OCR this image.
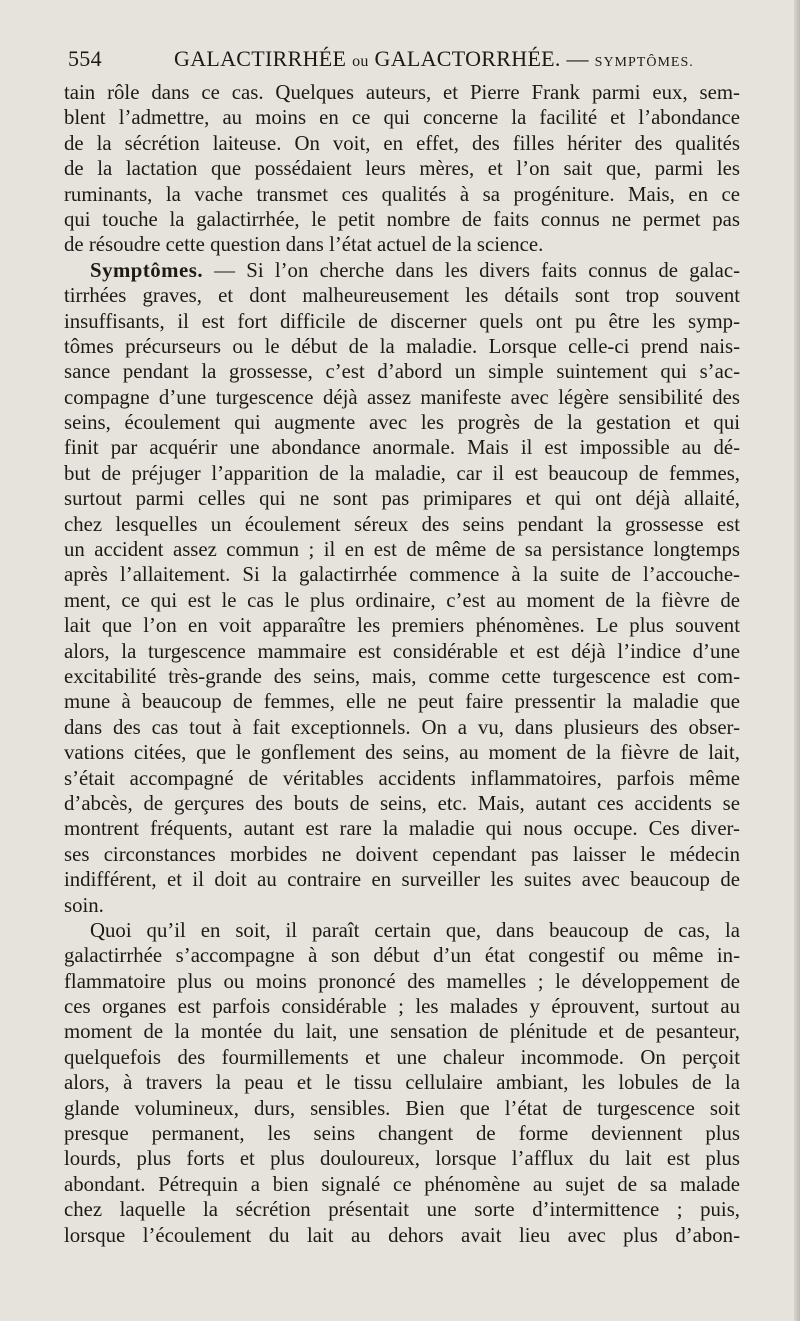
554	GALACTIRRHÉE ou GALACTORRHÉE. — SYMPTÔMES.
tain rôle dans ce cas. Quelques auteurs, et Pierre Frank parmi eux, sem-
blent l’admettre, au moins en ce qui concerne la facilité et l’abondance
de la sécrétion laiteuse. On voit, en effet, des filles hériter des qualités
de la lactation que possédaient leurs mères, et l’on sait que, parmi les
ruminants, la vache transmet ces qualités à sa progéniture. Mais, en ce
qui touche la galactirrhée, le petit nombre de faits connus ne permet pas
de résoudre cette question dans l’état actuel de la science.
Symptômes. — Si l’on cherche dans les divers faits connus de galac-
tirrhées graves, et dont malheureusement les détails sont trop souvent
insuffisants, il est fort difficile de discerner quels ont pu être les symp-
tômes précurseurs ou le début de la maladie. Lorsque celle-ci prend nais-
sance pendant la grossesse, c’est d’abord un simple suintement qui s’ac-
compagne d’une turgescence déjà assez manifeste avec légère sensibilité des
seins, écoulement qui augmente avec les progrès de la gestation et qui
finit par acquérir une abondance anormale. Mais il est impossible au dé-
but de préjuger l’apparition de la maladie, car il est beaucoup de femmes,
surtout parmi celles qui ne sont pas primipares et qui ont déjà allaité,
chez lesquelles un écoulement séreux des seins pendant la grossesse est
un accident assez commun ; il en est de même de sa persistance longtemps
après l’allaitement. Si la galactirrhée commence à la suite de l’accouche-
ment, ce qui est le cas le plus ordinaire, c’est au moment de la fièvre de
lait que l’on en voit apparaître les premiers phénomènes. Le plus souvent
alors, la turgescence mammaire est considérable et est déjà l’indice d’une
excitabilité très-grande des seins, mais, comme cette turgescence est com-
mune à beaucoup de femmes, elle ne peut faire pressentir la maladie que
dans des cas tout à fait exceptionnels. On a vu, dans plusieurs des obser-
vations citées, que le gonflement des seins, au moment de la fièvre de lait,
s’était accompagné de véritables accidents inflammatoires, parfois même
d’abcès, de gerçures des bouts de seins, etc. Mais, autant ces accidents se
montrent fréquents, autant est rare la maladie qui nous occupe. Ces diver-
ses circonstances morbides ne doivent cependant pas laisser le médecin
indifférent, et il doit au contraire en surveiller les suites avec beaucoup de
soin.
Quoi qu’il en soit, il paraît certain que, dans beaucoup de cas, la
galactirrhée s’accompagne à son début d’un état congestif ou même in-
flammatoire plus ou moins prononcé des mamelles ; le développement de
ces organes est parfois considérable ; les malades y éprouvent, surtout au
moment de la montée du lait, une sensation de plénitude et de pesanteur,
quelquefois des fourmillements et une chaleur incommode. On perçoit
alors, à travers la peau et le tissu cellulaire ambiant, les lobules de la
glande volumineux, durs, sensibles. Bien que l’état de turgescence soit
presque permanent, les seins changent de forme deviennent plus
lourds, plus forts et plus douloureux, lorsque l’afflux du lait est plus
abondant. Pétrequin a bien signalé ce phénomène au sujet de sa malade
chez laquelle la sécrétion présentait une sorte d’intermittence ; puis,
lorsque l’écoulement du lait au dehors avait lieu avec plus d’abon-
